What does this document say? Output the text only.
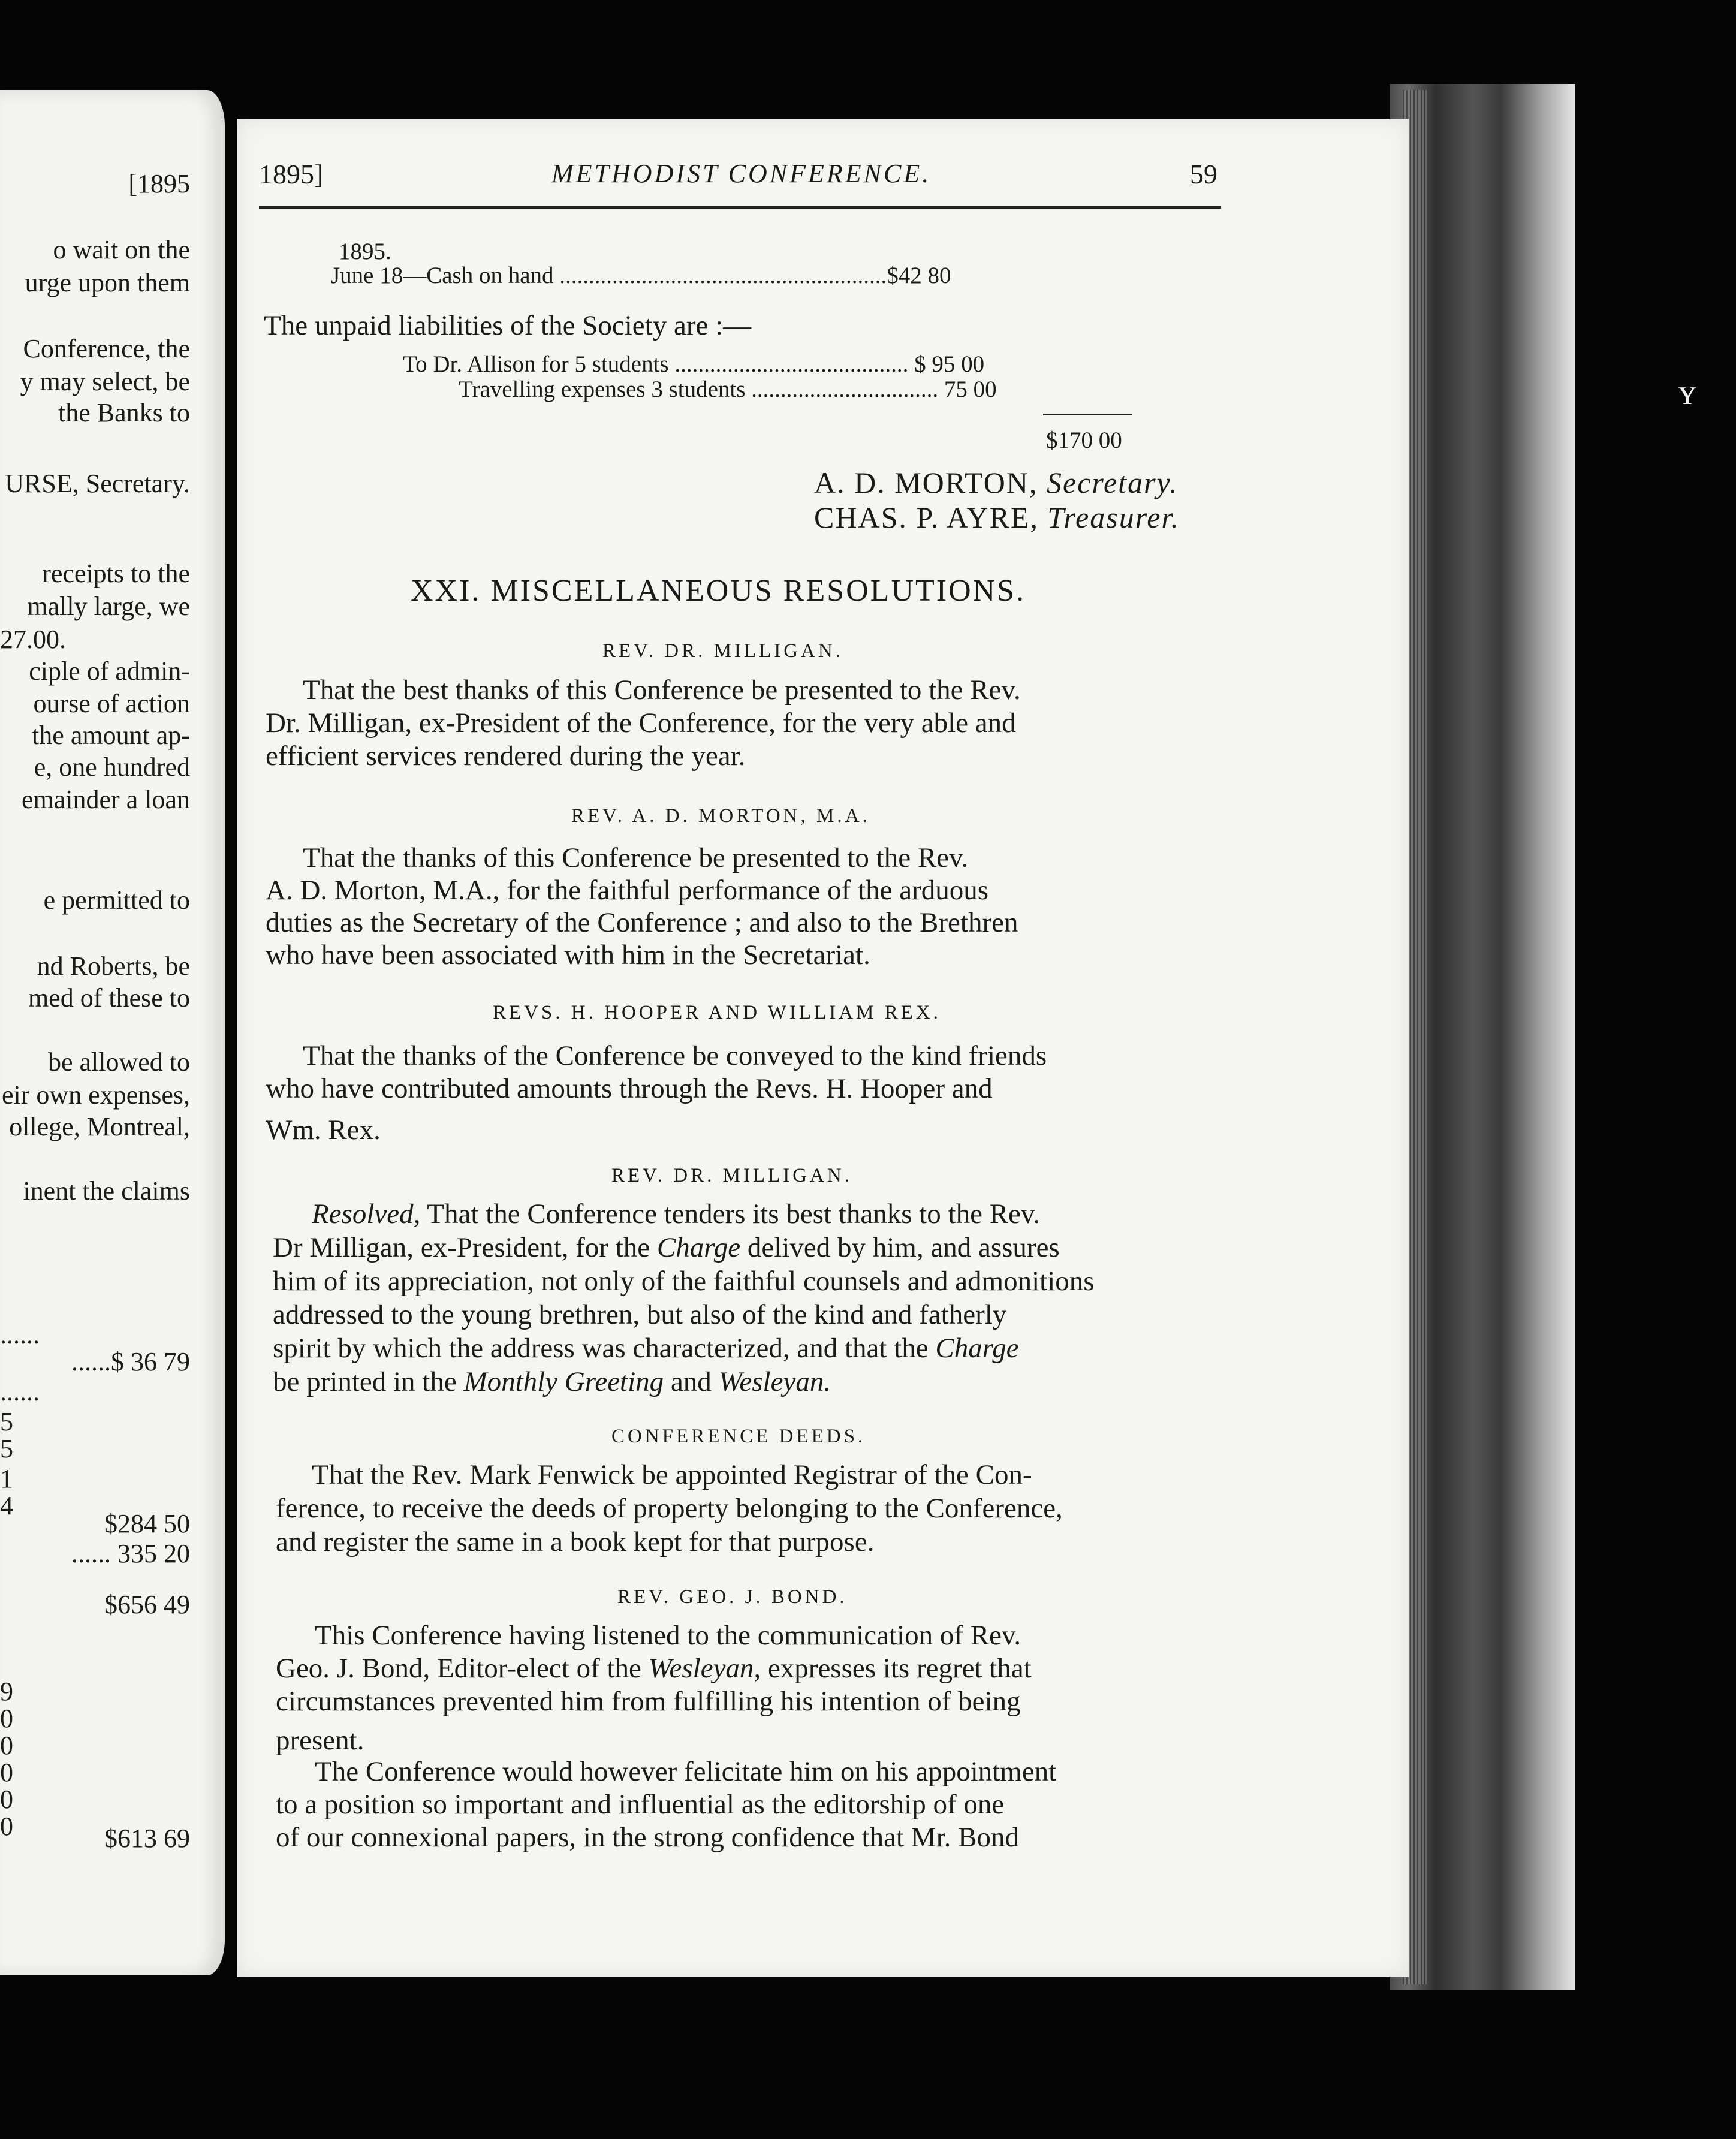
[1895
o wait on the
urge upon them
Conference, the
y may select, be
the Banks to
URSE, Secretary.
receipts to the
mally large, we
ciple of admin-
ourse of action
the amount ap-
e, one hundred
emainder a loan
e permitted to
nd Roberts, be
med of these to
be allowed to
eir own expenses,
ollege, Montreal,
inent the claims
......$ 36 79
$284 50
...... 335 20
$656 49
$613 69
27.00.
......
......
5
5
1
4
9
0
0
0
0
0
ʏ
1895]	METHODIST CONFERENCE.	59
1895.
June 18—Cash on hand ........................................................$42 80
The unpaid liabilities of the Society are :—
To Dr. Allison for 5 students ........................................ $ 95 00
Travelling expenses 3 students ................................ 75 00
$170 00
A. D. MORTON, Secretary.
CHAS. P. AYRE, Treasurer.
XXI. MISCELLANEOUS RESOLUTIONS.
REV. DR. MILLIGAN.
That the best thanks of this Conference be presented to the Rev.
Dr. Milligan, ex-President of the Conference, for the very able and
efficient services rendered during the year.
REV. A. D. MORTON, M.A.
That the thanks of this Conference be presented to the Rev.
A. D. Morton, M.A., for the faithful performance of the arduous
duties as the Secretary of the Conference ; and also to the Brethren
who have been associated with him in the Secretariat.
REVS. H. HOOPER AND WILLIAM REX.
That the thanks of the Conference be conveyed to the kind friends
who have contributed amounts through the Revs. H. Hooper and
Wm. Rex.
REV. DR. MILLIGAN.
Resolved, That the Conference tenders its best thanks to the Rev.
Dr Milligan, ex-President, for the Charge delived by him, and assures
him of its appreciation, not only of the faithful counsels and admonitions
addressed to the young brethren, but also of the kind and fatherly
spirit by which the address was characterized, and that the Charge
be printed in the Monthly Greeting and Wesleyan.
CONFERENCE DEEDS.
That the Rev. Mark Fenwick be appointed Registrar of the Con-
ference, to receive the deeds of property belonging to the Conference,
and register the same in a book kept for that purpose.
REV. GEO. J. BOND.
This Conference having listened to the communication of Rev.
Geo. J. Bond, Editor-elect of the Wesleyan, expresses its regret that
circumstances prevented him from fulfilling his intention of being
present.
The Conference would however felicitate him on his appointment
to a position so important and influential as the editorship of one
of our connexional papers, in the strong confidence that Mr. Bond
